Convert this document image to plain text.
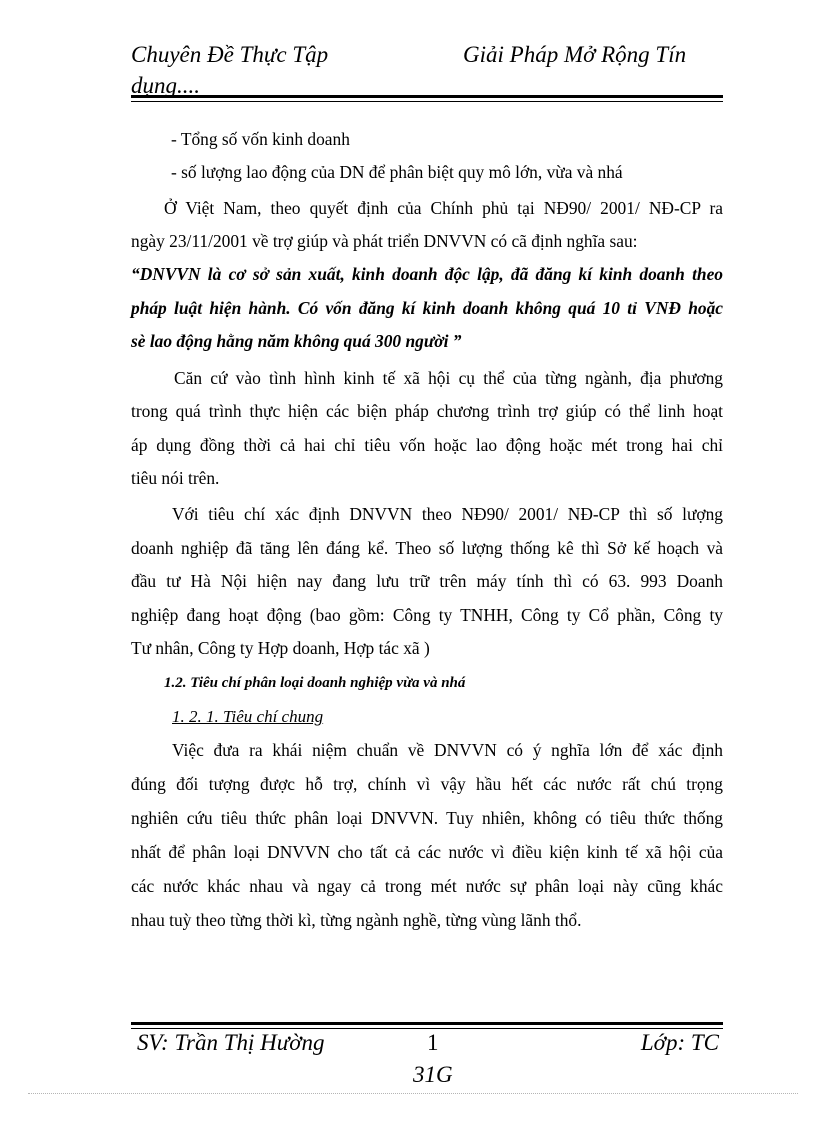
Chuyên Đề Thực Tập	Giải Pháp Mở Rộng Tín
dụng....
- Tổng số vốn kinh doanh
- số lượng lao động của DN để phân biệt quy mô lớn, vừa và nhá
Ở Việt Nam, theo quyết định của Chính phủ tại NĐ90/ 2001/ NĐ-CP ra
ngày 23/11/2001 về trợ giúp và phát triển DNVVN có cã định nghĩa sau:
“DNVVN là cơ sở sản xuất, kinh doanh độc lập, đã đăng kí kinh doanh theo
pháp luật hiện hành. Có vốn đăng kí kinh doanh không quá 10 tỉ VNĐ hoặc
sè lao động hằng năm không quá 300 người ”
Căn cứ vào tình hình kinh tế xã hội cụ thể của từng ngành, địa phương
trong quá trình thực hiện các biện pháp chương trình trợ giúp có thể linh hoạt
áp dụng đồng thời cả hai chỉ tiêu vốn hoặc lao động hoặc mét trong hai chỉ
tiêu nói trên.
Với tiêu chí xác định DNVVN theo NĐ90/ 2001/ NĐ-CP thì số lượng
doanh nghiệp đã tăng lên đáng kể. Theo số lượng thống kê thì Sở kế hoạch và
đầu tư Hà Nội hiện nay đang lưu trữ trên máy tính thì có 63. 993 Doanh
nghiệp đang hoạt động (bao gồm: Công ty TNHH, Công ty Cổ phần, Công ty
Tư nhân, Công ty Hợp doanh, Hợp tác xã )
1.2. Tiêu chí phân loại doanh nghiệp vừa và nhá
1. 2. 1. Tiêu chí chung
Việc đưa ra khái niệm chuẩn về DNVVN có ý nghĩa lớn để xác định
đúng đối tượng được hỗ trợ, chính vì vậy hầu hết các nước rất chú trọng
nghiên cứu tiêu thức phân loại DNVVN. Tuy nhiên, không có tiêu thức thống
nhất để phân loại DNVVN cho tất cả các nước vì điều kiện kinh tế xã hội của
các nước khác nhau và ngay cả trong mét nước sự phân loại này cũng khác
nhau tuỳ theo từng thời kì, từng ngành nghề, từng vùng lãnh thổ.
SV: Trần Thị Hường	1	Lớp: TC
31G
